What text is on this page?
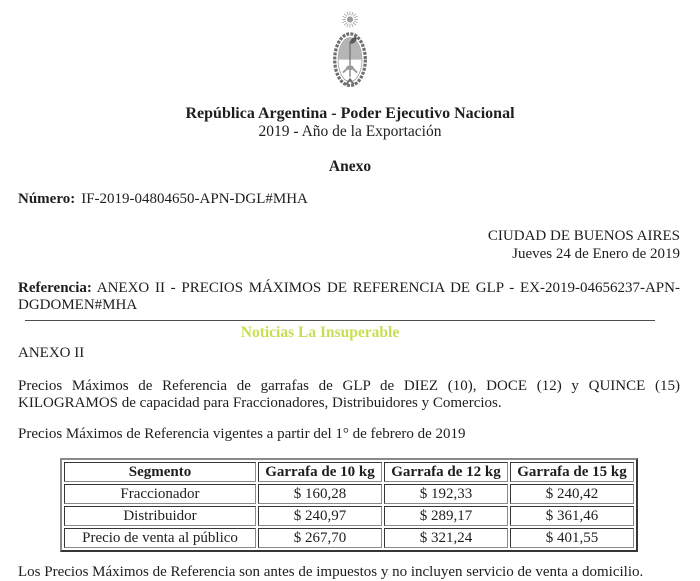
República Argentina - Poder Ejecutivo Nacional
2019 - Año de la Exportación
Anexo
Número: IF-2019-04804650-APN-DGL#MHA
CIUDAD DE BUENOS AIRES
Jueves 24 de Enero de 2019
Referencia: ANEXO II - PRECIOS MÁXIMOS DE REFERENCIA DE GLP - EX-2019-04656237-APN-DGDOMEN#MHA
Noticias La Insuperable
ANEXO II
Precios Máximos de Referencia de garrafas de GLP de DIEZ (10), DOCE (12) y QUINCE (15) KILOGRAMOS de capacidad para Fraccionadores, Distribuidores y Comercios.
Precios Máximos de Referencia vigentes a partir del 1° de febrero de 2019
Segmento	Garrafa de 10 kg	Garrafa de 12 kg	Garrafa de 15 kg
Fraccionador	$ 160,28	$ 192,33	$ 240,42
Distribuidor	$ 240,97	$ 289,17	$ 361,46
Precio de venta al público	$ 267,70	$ 321,24	$ 401,55
Los Precios Máximos de Referencia son antes de impuestos y no incluyen servicio de venta a domicilio.
